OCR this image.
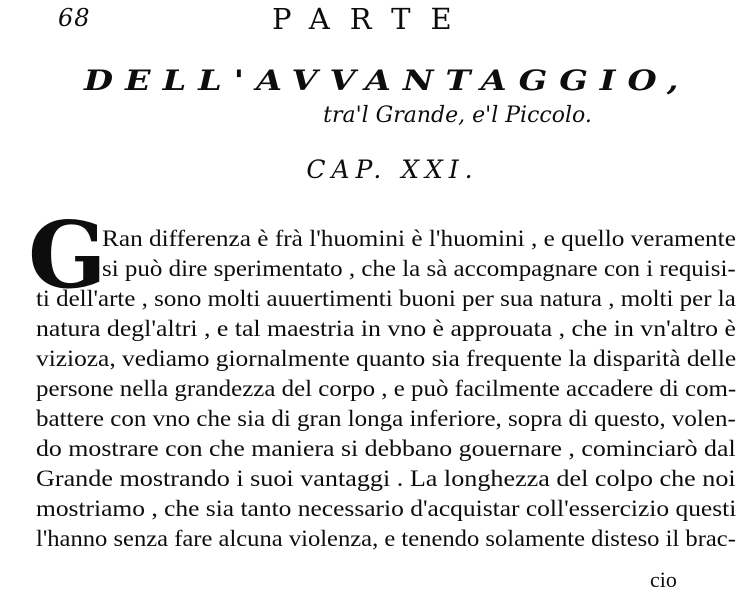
68	PARTE
DELL'AVVANTAGGIO,
tra'l Grande, e'l Piccolo.
CAP. XXI.
G
Ran differenza è frà l'huomini è l'huomini , e quello veramente
si può dire sperimentato , che la sà accompagnare con i requisi-
ti dell'arte , sono molti auuertimenti buoni per sua natura , molti per la
natura degl'altri , e tal maestria in vno è approuata , che in vn'altro è
vizioza, vediamo giornalmente quanto sia frequente la disparità delle
persone nella grandezza del corpo , e può facilmente accadere di com-
battere con vno che sia di gran longa inferiore, sopra di questo, volen-
do mostrare con che maniera si debbano gouernare , cominciarò dal
Grande mostrando i suoi vantaggi . La longhezza del colpo che noi
mostriamo , che sia tanto necessario d'acquistar coll'essercizio questi
l'hanno senza fare alcuna violenza, e tenendo solamente disteso il brac-
cio
